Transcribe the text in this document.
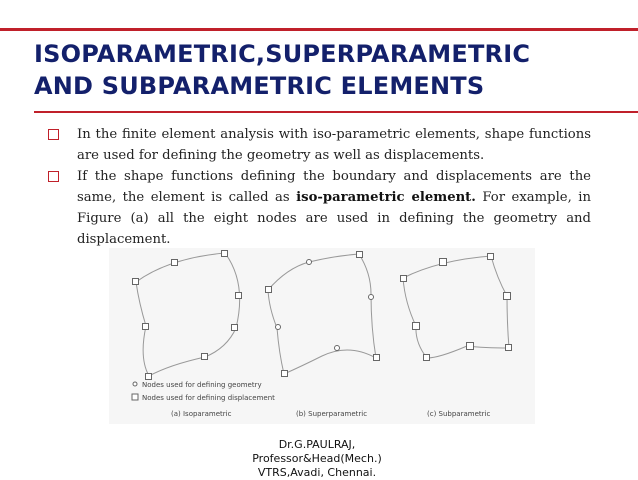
ISOPARAMETRIC,SUPERPARAMETRIC
AND SUBPARAMETRIC ELEMENTS
In the finite element analysis with iso-parametric elements, shape functions are used for defining the geometry as well as displacements.
If the shape functions defining the boundary and displacements are the same, the element is called as iso-parametric element. For example, in Figure (a) all the eight nodes are used in defining the geometry and displacement.
(a) Isoparametric	(b) Superparametric	(c) Subparametric
Nodes used for defining geometry
Nodes used for defining displacement
Dr.G.PAULRAJ,
Professor&Head(Mech.)
VTRS,Avadi, Chennai.
